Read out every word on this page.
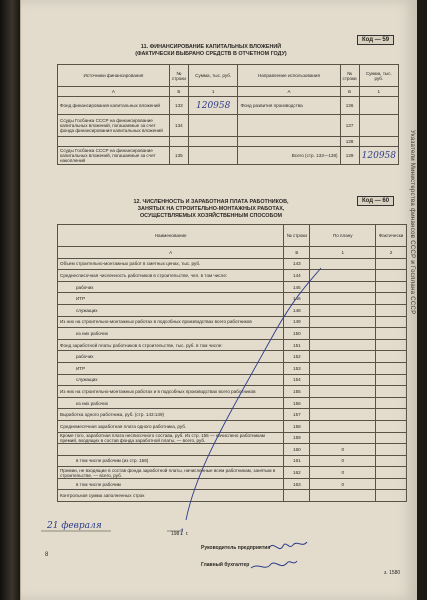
Указатели Министерства финансов СССР и Госплана СССР
Код — 59
11. ФИНАНСИРОВАНИЕ КАПИТАЛЬНЫХ ВЛОЖЕНИЙ
(ФАКТИЧЕСКИ ВЫБРАНО СРЕДСТВ В ОТЧЕТНОМ ГОДУ)
Источники финансирования	№ строки	Сумма, тыс. руб.	Направление использования	№ строки	Сумма, тыс. руб.
А	Б	1	А	Б	1
Фонд финансирования капитальных вложений	133	120958	Фонд развития производства	136	
Ссуды Госбанка СССР на финансирование капитальных вложений, погашаемые за счет фонда финансирования капитальных вложений	134			137	
				138	
Ссуды Госбанка СССР на финансирование капитальных вложений, погашаемые за счет накоплений	135		Всего (стр. 133—138)	139	120958
Код — 60
12. ЧИСЛЕННОСТЬ И ЗАРАБОТНАЯ ПЛАТА РАБОТНИКОВ,
ЗАНЯТЫХ НА СТРОИТЕЛЬНО-МОНТАЖНЫХ РАБОТАХ,
ОСУЩЕСТВЛЯЕМЫХ ХОЗЯЙСТВЕННЫМ СПОСОБОМ
Наименование	№ строки	По плану	Фактически
А	Б	1	2
Объем строительно-монтажных работ в сметных ценах, тыс. руб.	143		
Среднесписочная численность работников в строительстве, чел. в том числе:	144		
рабочих	145		
ИТР	146		
служащих	148		
Из них на строительно-монтажных работах в подсобных производствах всего работников	149		
из них рабочих	150		
Фонд заработной платы работников в строительстве, тыс. руб. в том числе:	151		
рабочих	152		
ИТР	153		
служащих	154		
Из них на строительно-монтажных работах и в подсобных производствах всего работников	155		
из них рабочих	156		
Выработка одного работника, руб. (стр. 143:149)	157		
Среднемесячная заработная плата одного работника, руб.	158		
Кроме того, заработная плата несписочного состава, руб. Из стр. 155 — начислено работникам премий, входящих в состав фонда заработной платы, — всего, руб.	159		
	160	0	
в том числе рабочим (из стр. 156)	161	0	
Премии, не входящие в состав фонда заработной платы, начисленные всем работникам, занятым в строительстве, — всего, руб.	162	0	
в том числе рабочим	163	0	
Контрольная сумма заполненных строк			
21 февраля
1981 г.
8
Руководитель предприятия
Главный бухгалтер
з. 1580
